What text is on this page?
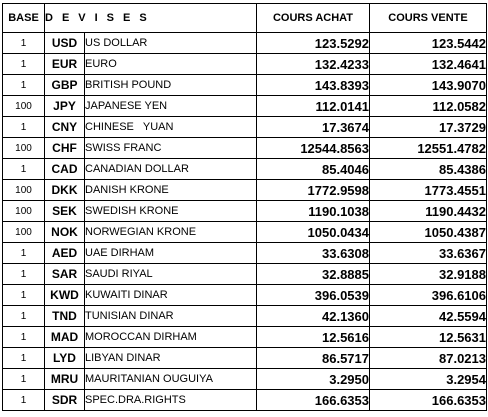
BASE	DEVISES		COURS ACHAT	COURS VENTE
1	USD	US DOLLAR	123.5292	123.5442
1	EUR	EURO	132.4233	132.4641
1	GBP	BRITISH POUND	143.8393	143.9070
100	JPY	JAPANESE YEN	112.0141	112.0582
1	CNY	CHINESE   YUAN	17.3674	17.3729
100	CHF	SWISS FRANC	12544.8563	12551.4782
1	CAD	CANADIAN DOLLAR	85.4046	85.4386
100	DKK	DANISH KRONE	1772.9598	1773.4551
100	SEK	SWEDISH KRONE	1190.1038	1190.4432
100	NOK	NORWEGIAN KRONE	1050.0434	1050.4387
1	AED	UAE DIRHAM	33.6308	33.6367
1	SAR	SAUDI RIYAL	32.8885	32.9188
1	KWD	KUWAITI DINAR	396.0539	396.6106
1	TND	TUNISIAN DINAR	42.1360	42.5594
1	MAD	MOROCCAN DIRHAM	12.5616	12.5631
1	LYD	LIBYAN DINAR	86.5717	87.0213
1	MRU	MAURITANIAN OUGUIYA	3.2950	3.2954
1	SDR	SPEC.DRA.RIGHTS	166.6353	166.6353
